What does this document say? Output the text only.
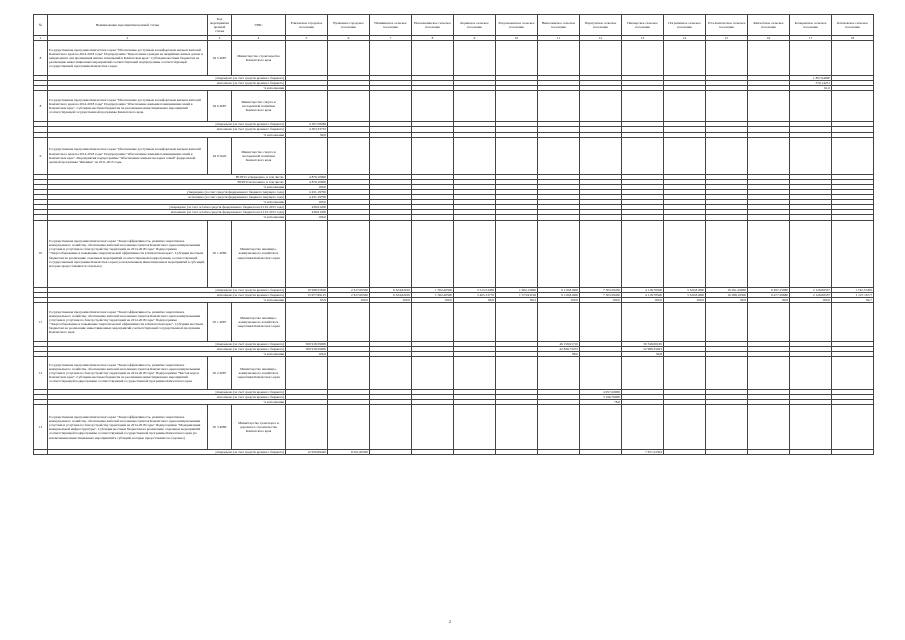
№	Наименование мероприятия целевой статьи	Код мероприятия целевой статьи	ГРБС	Елизовское городское поселение	Вулканное городское поселение	Начикинское сельское поселение	Новоавачинское сельское поселение	Корякское сельское поселение	Раздольненское сельское поселение	Николаевское сельское поселение	Паратунское сельское поселение	Пионерское сельское поселение	Пограничное сельское поселение	Усть-Камчатское сельское поселение	Камчатское сельское поселение	Козыревское сельское поселение	Ключевское сельское поселение
1	2	3	4	5	6	7	8	9	10	11	12	13	14	15	16	17	18
8	Государственная программа Камчатского края "Обеспечение доступным и комфортным жильем жителей Камчатского края на 2014-2018 годы" Подпрограмма "Переселение граждан из аварийных жилых домов и непригодных для проживания жилых помещений в Камчатском крае". Субсидии местным бюджетам на реализацию инвестиционных мероприятий соответствующей подпрограммы соответствующей государственной программы Камчатского края.	04 5 4087	Министерство строительства Камчатского края														
	утверждено (за счет средств краевого бюджета)															1 857,94000	
	исполнено (за счет средств краевого бюджета)															579,14251	
	% исполнения															61,0	
8	Государственная программа Камчатского края "Обеспечение доступным и комфортным жильем жителей Камчатского края на 2014-2018 годы" Подпрограмма "Обеспечение жилыми помещениями семей в Камчатском крае". Субсидии местным бюджетам на реализацию инвестиционных мероприятий соответствующей государственной программы Камчатского края.	04 6 4087	Министерство спорта и молодежной политики Камчатского края														
	утверждено (за счет средств краевого бюджета)			4 367,58280													
	исполнено (за счет средств краевого бюджета)			4 303,33733													
	% исполнения			99,0													
9	Государственная программа Камчатского края "Обеспечение доступным и комфортным жильем жителей Камчатского края на 2014-2018 годы" Подпрограмма "Обеспечение жилыми помещениями семей в Камчатском крае". Мероприятия подпрограммы "Обеспечение жильем молодых семей" федеральной целевой программы "Жилище" на 2011-2015 годы.	04 6 5020	Министерство спорта и молодежной политики Камчатского края														
	ВСЕГО утверждено, в том числе:			4 876,10900													
	ВСЕГО исполнено, в том числе:			4 876,10900													
	% исполнения			100,0													
	утверждено (за счет средств федерального бюджета текущего года)			4 431,19700													
	исполнено (за счет средств федерального бюджета текущего года)			4 431,19700													
	% исполнения			100,0													
	утверждено (за счет остатка средств федерального бюджета на 01.01.2015 года)			436,91200													
	исполнено (за счет остатка средств федерального бюджета на 01.01.2015 года)			436,91200													
	% исполнения			100,0													
10	Государственная программа Камчатского края "Энергоэффективность, развитие энергетики и коммунального хозяйства, обеспечение жителей населенных пунктов Камчатского края коммунальными услугами и услугами по благоустройству территорий на 2014-2018 годы" Подпрограмма "Энергосбережение и повышение энергетической эффективности в Камчатском крае". Субсидии местным бюджетам на реализацию отдельных мероприятий соответствующей подпрограммы соответствующей государственной программы Камчатского края (за исключением инвестиционных мероприятий в субсидий, которые предоставляются отдельно)	05 1 4086	Министерство жилищно-коммунального хозяйства и энергетики Камчатского края														
	утверждено (за счет средств краевого бюджета)			16 998,55620	2 617,00500	6 324,62010	1 562,40500	3 515,53400	1 962,12690	9 119,81000	7 303,59450	4 118,76500	3 320,81000	16 291,29000	9 497,25080	2 126,06337	1 742,5?402
	исполнено (за счет средств краевого бюджета)			15 977,99125	2 617,00500	6 324,62010	1 562,40500	3 405,13770	1 573,93199	9 119,81000	7 303,59450	4 118,76500	3 320,81000	16 288,19500	9 477,29680	2 126,06337	1 127,16???
	% исполнения			93,9	100,0	100,0	100,0	96,9	80,2	100,0	100,0	100,0	100,0	99,9	99,8	100,0	64,7
11	Государственная программа Камчатского края "Энергоэффективность, развитие энергетики и коммунального хозяйства, обеспечение жителей населенных пунктов Камчатского края коммунальными услугами и услугами по благоустройству территорий на 2014-2018 годы" Подпрограмма "Энергосбережение и повышение энергетической эффективности в Камчатском крае". Субсидии местным бюджетам на реализацию инвестиционных мероприятий соответствующей государственной программы Камчатского края	05 1 4087	Министерство жилищно-коммунального хозяйства и энергетики Камчатского края														
	утверждено (за счет средств краевого бюджета)			309 918,59000						49 159,91710		59 349,00165					
	исполнено (за счет средств краевого бюджета)			309 918,59000						42 849,73472		52 986,35923					
	% исполнения			100,0						88,0		90,8					
12	Государственная программа Камчатского края "Энергоэффективность, развитие энергетики и коммунального хозяйства, обеспечение жителей населенных пунктов Камчатского края коммунальными услугами и услугами по благоустройству территорий на 2014-2018 годы" Подпрограмма "Чистая вода в Камчатском крае". Субсидии местным бюджетам на реализацию инвестиционных мероприятий соответствующей подпрограммы соответствующей государственной программы Камчатского края	05 2 4087	Министерство жилищно-коммунального хозяйства и энергетики Камчатского края														
	утверждено (за счет средств краевого бюджета)										4 057,20000						
	исполнено (за счет средств краевого бюджета)										3 196,70000						
	% исполнения										78,8						
13	Государственная программа Камчатского края "Энергоэффективность, развитие энергетики и коммунального хозяйства, обеспечение жителей населенных пунктов Камчатского края коммунальными услугами и услугами по благоустройству территорий на 2014-2018 годы" Подпрограмма "Модернизация коммунальной инфраструктуры". Субсидии местным бюджетам на реализацию отдельных мероприятий соответствующей подпрограммы соответствующей государственной программы Камчатского края (за исключением инвестиционных мероприятий в субсидий, которые предоставляются отдельно)	05 3 4086	Министерство транспорта и дорожного строительства Камчатского края														
	утверждено (за счет средств краевого бюджета)			12 950,69420	8 021,60500							7 657,22304					
2
